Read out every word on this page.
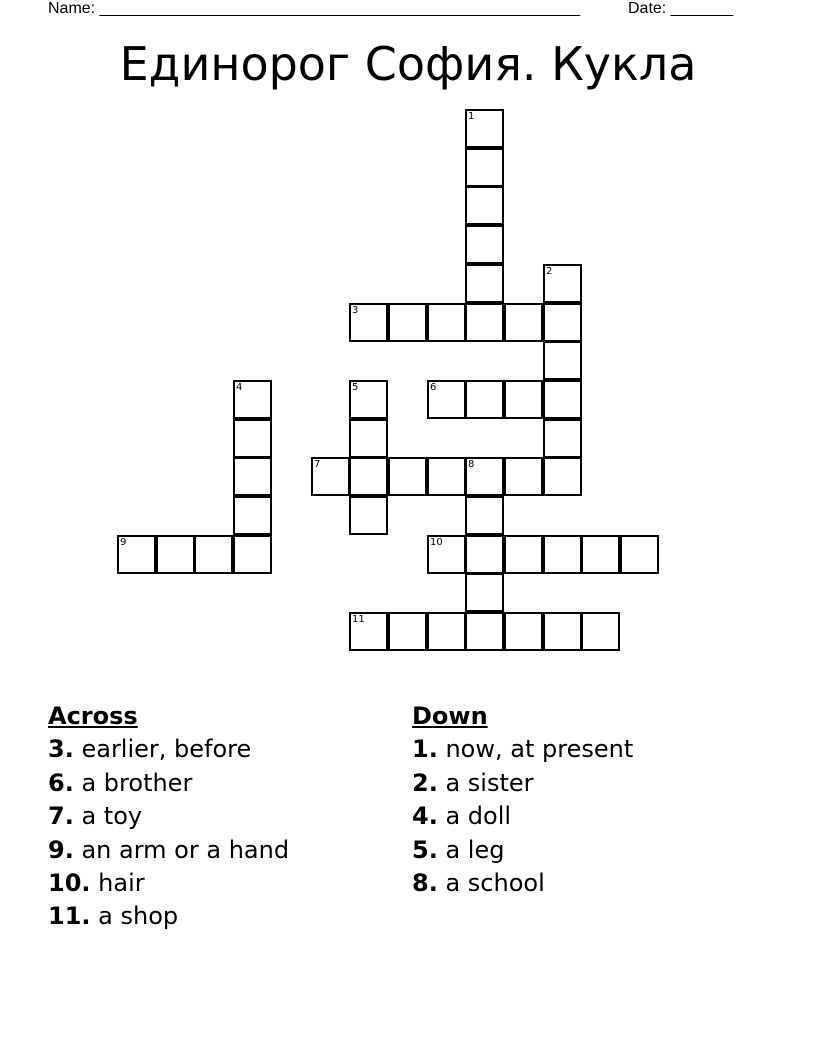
Name: ______________________________________________________	Date: _______
Единорог София. Кукла
1
2
3
4	5	6
7	8
9	10
11
Across
3. earlier, before
6. a brother
7. a toy
9. an arm or a hand
10. hair
11. a shop
Down
1. now, at present
2. a sister
4. a doll
5. a leg
8. a school
